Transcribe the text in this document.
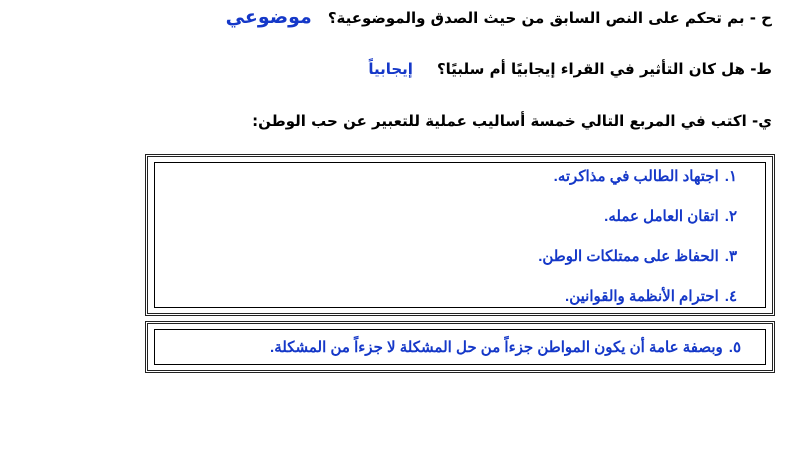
ح - بم تحكم على النص السابق من حيث الصدق والموضوعية؟موضوعي
ط- هل كان التأثير في القراء إيجابيًا أم سلبيًا؟إيجابياً
ي- اكتب في المربع التالي خمسة أساليب عملية للتعبير عن حب الوطن:
١.اجتهاد الطالب في مذاكرته.
٢.اتقان العامل عمله.
٣.الحفاظ على ممتلكات الوطن.
٤.احترام الأنظمة والقوانين.
٥.وبصفة عامة أن يكون المواطن جزءاً من حل المشكلة لا جزءاً من المشكلة.
